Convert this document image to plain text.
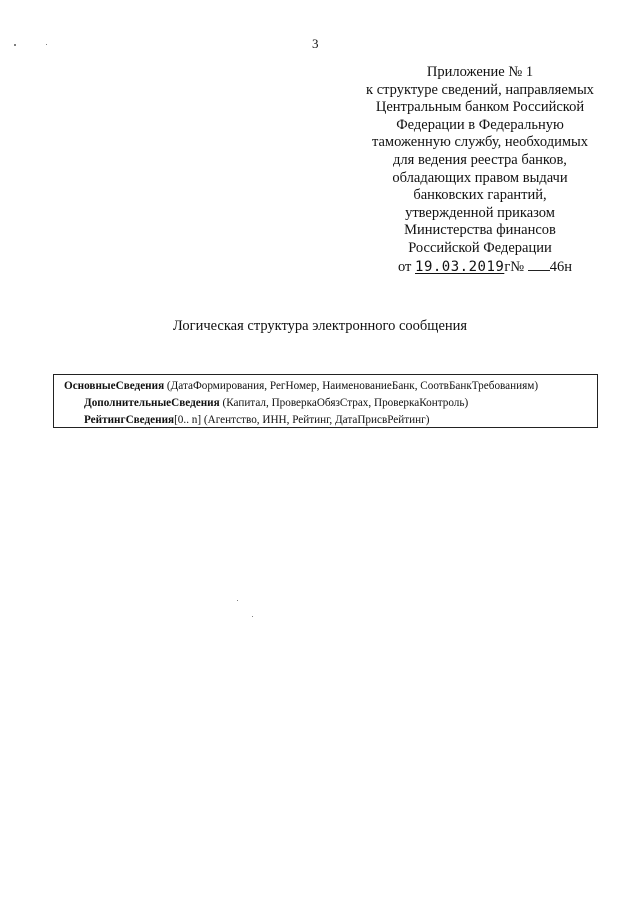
3
Приложение № 1
к структуре сведений, направляемых
Центральным банком Российской
Федерации в Федеральную
таможенную службу, необходимых
для ведения реестра банков,
обладающих правом выдачи
банковских гарантий,
утвержденной приказом
Министерства финансов
Российской Федерации
от 19.03.2019г№ 46н
Логическая структура электронного сообщения
ОсновныеСведения (ДатаФормирования, РегНомер, НаименованиеБанк, СоотвБанкТребованиям)
ДополнительныеСведения (Капитал, ПроверкаОбязСтрах, ПроверкаКонтроль)
РейтингСведения[0.. n] (Агентство, ИНН, Рейтинг, ДатаПрисвРейтинг)
